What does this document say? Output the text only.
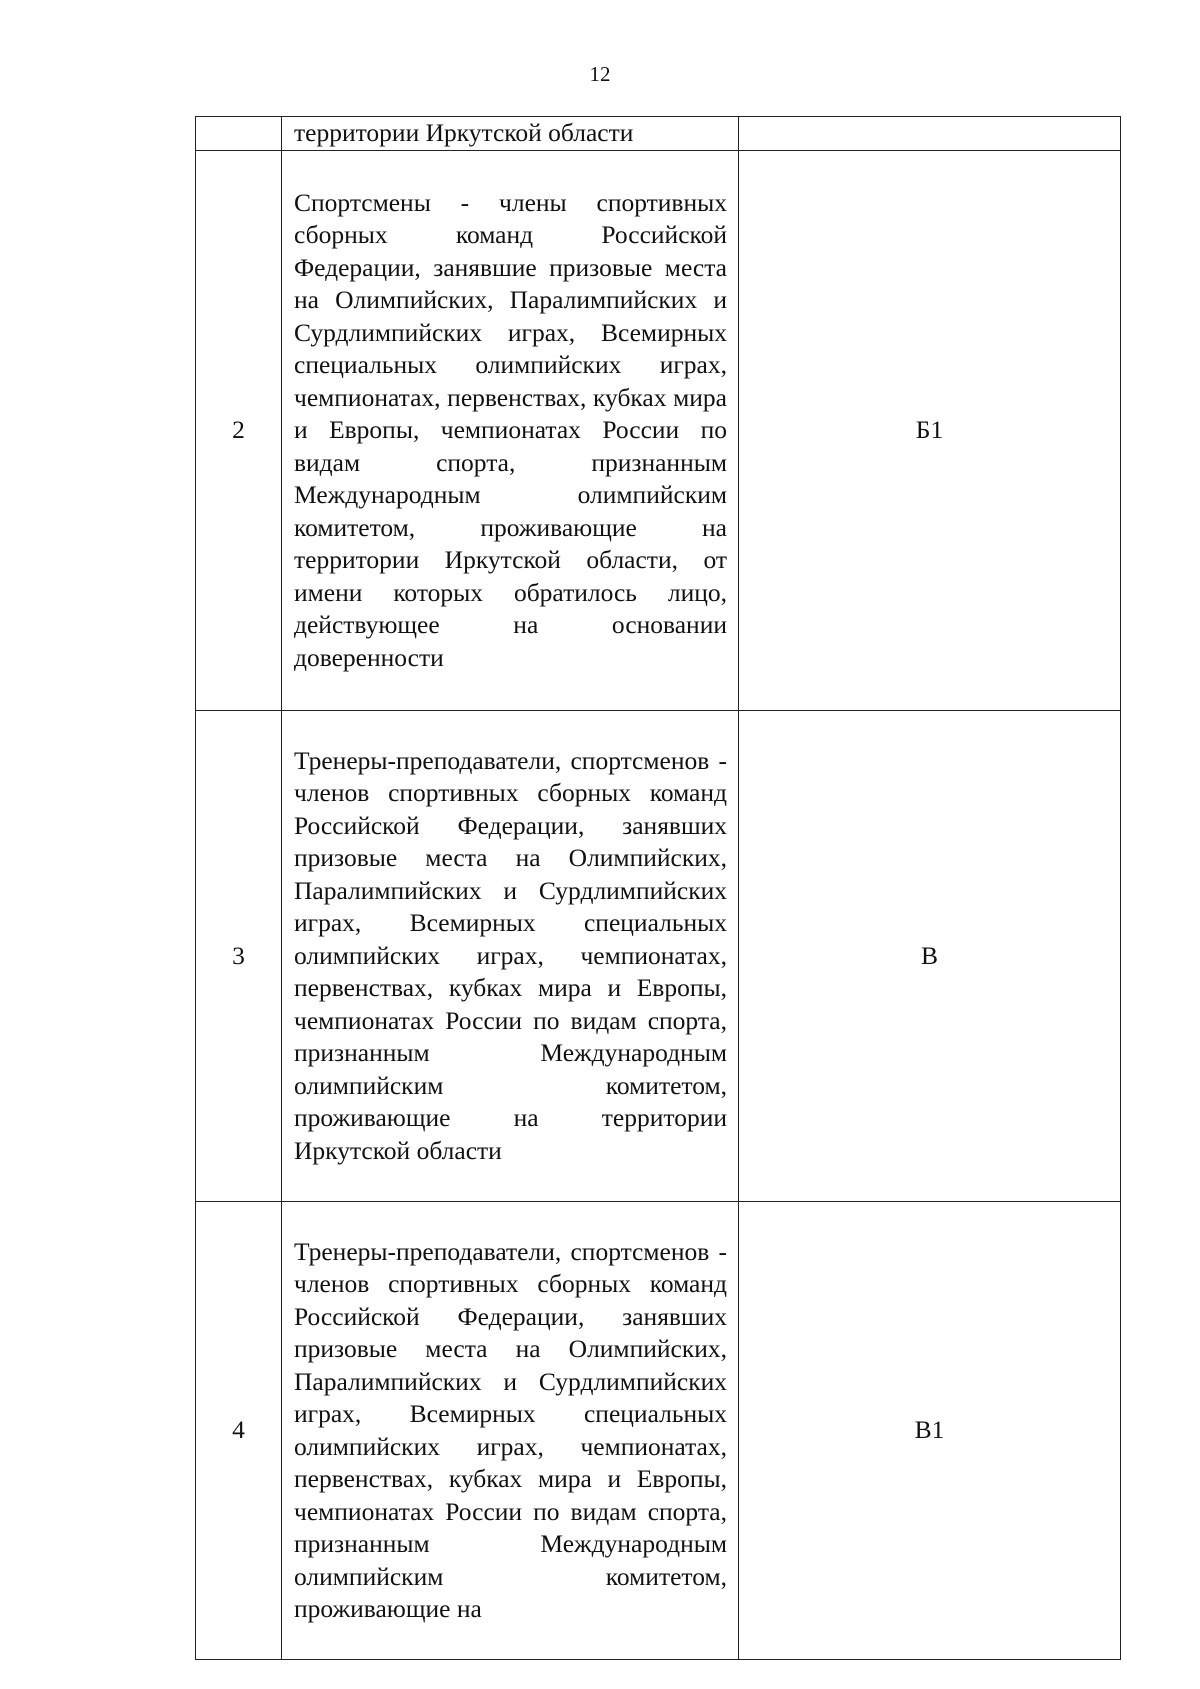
12

	территории Иркутской области	

2	Спортсмены - члены спортивных сборных команд Российской Федерации, занявшие призовые места на Олимпийских, Паралимпийских и Сурдлимпийских играх, Всемирных специальных олимпийских играх, чемпионатах, первенствах, кубках мира и Европы, чемпионатах России по видам спорта, признанным Международным олимпийским комитетом, проживающие на территории Иркутской области, от имени которых обратилось лицо, действующее на основании доверенности	Б1
3	Тренеры-преподаватели, спортсменов - членов спортивных сборных команд Российской Федерации, занявших призовые места на Олимпийских, Паралимпийских и Сурдлимпийских играх, Всемирных специальных олимпийских играх, чемпионатах, первенствах, кубках мира и Европы, чемпионатах России по видам спорта, признанным Международным олимпийским комитетом, проживающие на территории Иркутской области	В
4	Тренеры-преподаватели, спортсменов - членов спортивных сборных команд Российской Федерации, занявших призовые места на Олимпийских, Паралимпийских и Сурдлимпийских играх, Всемирных специальных олимпийских играх, чемпионатах, первенствах, кубках мира и Европы, чемпионатах России по видам спорта, признанным Международным олимпийским комитетом, проживающие на	В1
